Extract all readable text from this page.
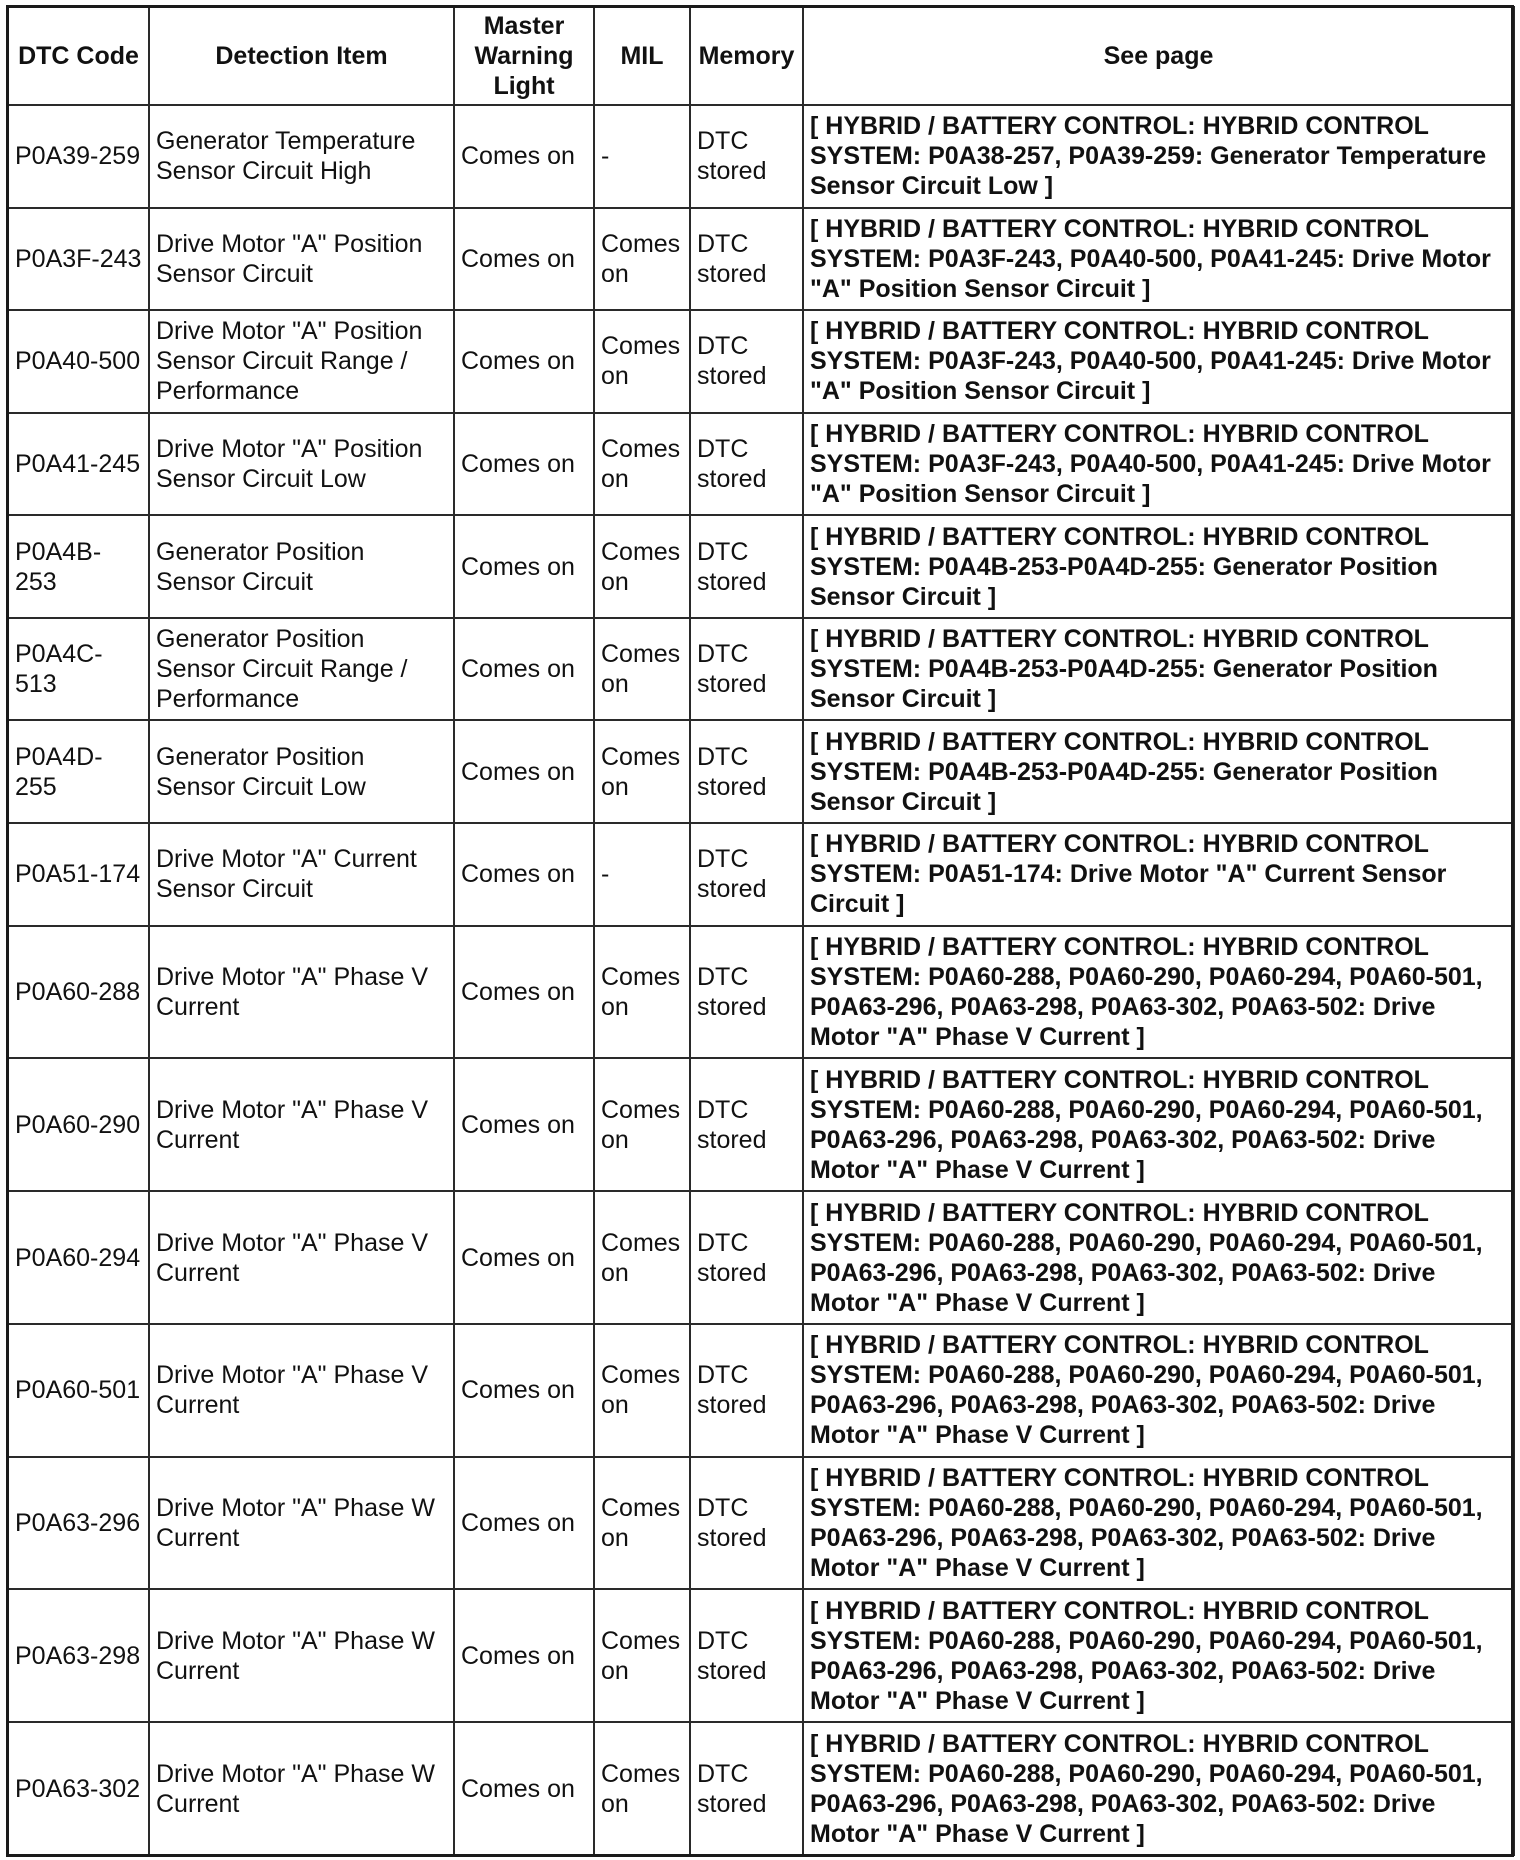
DTC Code	Detection Item	Master Warning Light	MIL	Memory	See page
P0A39-259	Generator Temperature Sensor Circuit High	Comes on	-	DTC stored	[ HYBRID / BATTERY CONTROL: HYBRID CONTROL SYSTEM: P0A38-257, P0A39-259: Generator Temperature Sensor Circuit Low ]
P0A3F-243	Drive Motor "A" Position Sensor Circuit	Comes on	Comes on	DTC stored	[ HYBRID / BATTERY CONTROL: HYBRID CONTROL SYSTEM: P0A3F-243, P0A40-500, P0A41-245: Drive Motor "A" Position Sensor Circuit ]
P0A40-500	Drive Motor "A" Position Sensor Circuit Range / Performance	Comes on	Comes on	DTC stored	[ HYBRID / BATTERY CONTROL: HYBRID CONTROL SYSTEM: P0A3F-243, P0A40-500, P0A41-245: Drive Motor "A" Position Sensor Circuit ]
P0A41-245	Drive Motor "A" Position Sensor Circuit Low	Comes on	Comes on	DTC stored	[ HYBRID / BATTERY CONTROL: HYBRID CONTROL SYSTEM: P0A3F-243, P0A40-500, P0A41-245: Drive Motor "A" Position Sensor Circuit ]
P0A4B-253	Generator Position Sensor Circuit	Comes on	Comes on	DTC stored	[ HYBRID / BATTERY CONTROL: HYBRID CONTROL SYSTEM: P0A4B-253-P0A4D-255: Generator Position Sensor Circuit ]
P0A4C-513	Generator Position Sensor Circuit Range / Performance	Comes on	Comes on	DTC stored	[ HYBRID / BATTERY CONTROL: HYBRID CONTROL SYSTEM: P0A4B-253-P0A4D-255: Generator Position Sensor Circuit ]
P0A4D-255	Generator Position Sensor Circuit Low	Comes on	Comes on	DTC stored	[ HYBRID / BATTERY CONTROL: HYBRID CONTROL SYSTEM: P0A4B-253-P0A4D-255: Generator Position Sensor Circuit ]
P0A51-174	Drive Motor "A" Current Sensor Circuit	Comes on	-	DTC stored	[ HYBRID / BATTERY CONTROL: HYBRID CONTROL SYSTEM: P0A51-174: Drive Motor "A" Current Sensor Circuit ]
P0A60-288	Drive Motor "A" Phase V Current	Comes on	Comes on	DTC stored	[ HYBRID / BATTERY CONTROL: HYBRID CONTROL SYSTEM: P0A60-288, P0A60-290, P0A60-294, P0A60-501, P0A63-296, P0A63-298, P0A63-302, P0A63-502: Drive Motor "A" Phase V Current ]
P0A60-290	Drive Motor "A" Phase V Current	Comes on	Comes on	DTC stored	[ HYBRID / BATTERY CONTROL: HYBRID CONTROL SYSTEM: P0A60-288, P0A60-290, P0A60-294, P0A60-501, P0A63-296, P0A63-298, P0A63-302, P0A63-502: Drive Motor "A" Phase V Current ]
P0A60-294	Drive Motor "A" Phase V Current	Comes on	Comes on	DTC stored	[ HYBRID / BATTERY CONTROL: HYBRID CONTROL SYSTEM: P0A60-288, P0A60-290, P0A60-294, P0A60-501, P0A63-296, P0A63-298, P0A63-302, P0A63-502: Drive Motor "A" Phase V Current ]
P0A60-501	Drive Motor "A" Phase V Current	Comes on	Comes on	DTC stored	[ HYBRID / BATTERY CONTROL: HYBRID CONTROL SYSTEM: P0A60-288, P0A60-290, P0A60-294, P0A60-501, P0A63-296, P0A63-298, P0A63-302, P0A63-502: Drive Motor "A" Phase V Current ]
P0A63-296	Drive Motor "A" Phase W Current	Comes on	Comes on	DTC stored	[ HYBRID / BATTERY CONTROL: HYBRID CONTROL SYSTEM: P0A60-288, P0A60-290, P0A60-294, P0A60-501, P0A63-296, P0A63-298, P0A63-302, P0A63-502: Drive Motor "A" Phase V Current ]
P0A63-298	Drive Motor "A" Phase W Current	Comes on	Comes on	DTC stored	[ HYBRID / BATTERY CONTROL: HYBRID CONTROL SYSTEM: P0A60-288, P0A60-290, P0A60-294, P0A60-501, P0A63-296, P0A63-298, P0A63-302, P0A63-502: Drive Motor "A" Phase V Current ]
P0A63-302	Drive Motor "A" Phase W Current	Comes on	Comes on	DTC stored	[ HYBRID / BATTERY CONTROL: HYBRID CONTROL SYSTEM: P0A60-288, P0A60-290, P0A60-294, P0A60-501, P0A63-296, P0A63-298, P0A63-302, P0A63-502: Drive Motor "A" Phase V Current ]
